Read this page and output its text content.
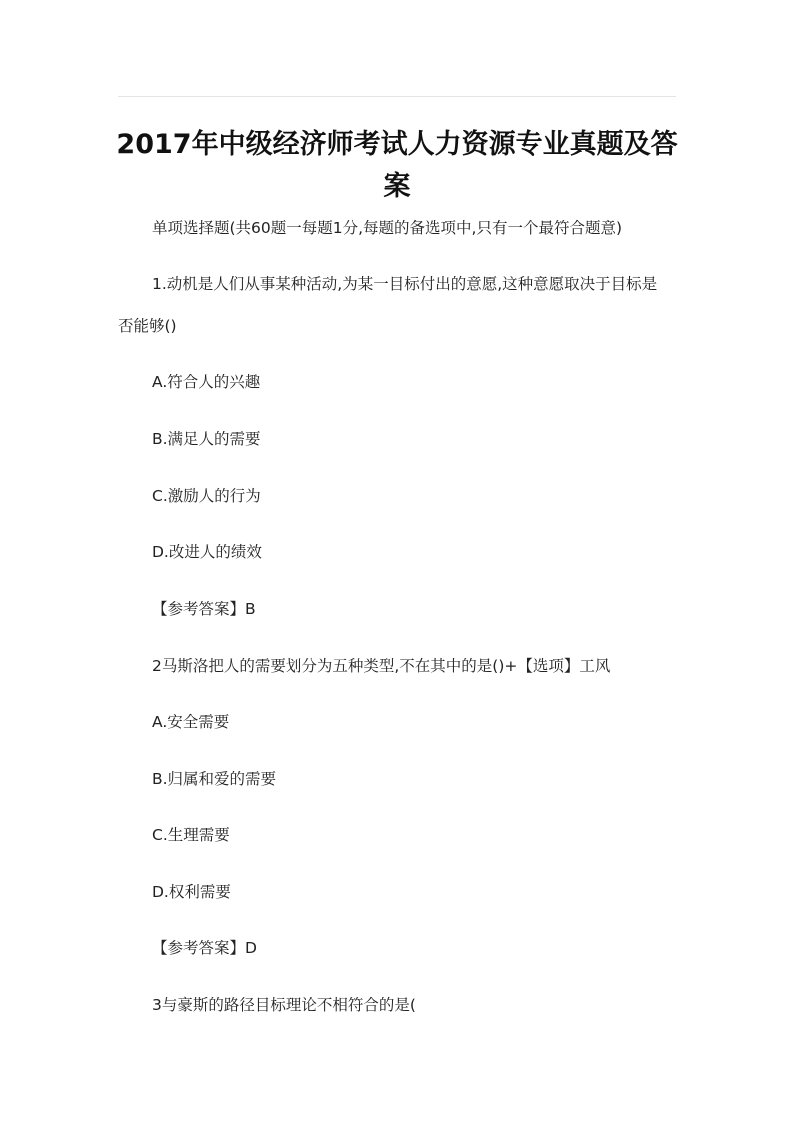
2017年中级经济师考试人力资源专业真题及答案

单项选择题(共60题一每题1分,每题的备选项中,只有一个最符合题意)

1.动机是人们从事某种活动,为某一目标付出的意愿,这种意愿取决于目标是

否能够()

A.符合人的兴趣

B.满足人的需要

C.激励人的行为

D.改进人的绩效

【参考答案】B

2马斯洛把人的需要划分为五种类型,不在其中的是()+【选项】工风

A.安全需要

B.归属和爱的需要

C.生理需要

D.权利需要

【参考答案】D

3与豪斯的路径目标理论不相符合的是(
